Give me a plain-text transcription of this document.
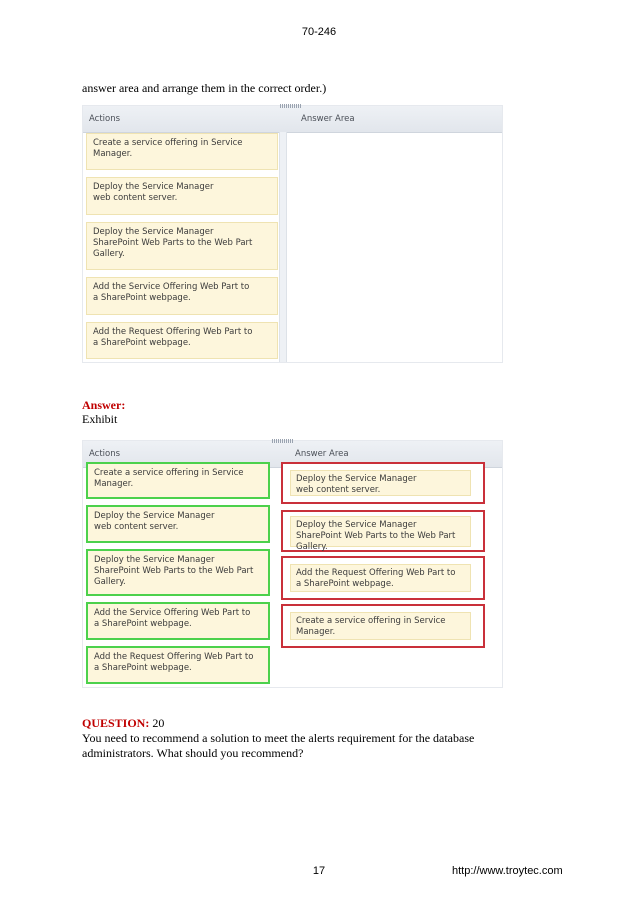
70-246
answer area and arrange them in the correct order.)
Actions	Answer Area
Create a service offering in Service
Manager.
Deploy the Service Manager
web content server.
Deploy the Service Manager
SharePoint Web Parts to the Web Part
Gallery.
Add the Service Offering Web Part to
a SharePoint webpage.
Add the Request Offering Web Part to
a SharePoint webpage.
Answer:
Exhibit
Actions	Answer Area
Create a service offering in Service
Manager.
Deploy the Service Manager
web content server.
Deploy the Service Manager
SharePoint Web Parts to the Web Part
Gallery.
Add the Service Offering Web Part to
a SharePoint webpage.
Add the Request Offering Web Part to
a SharePoint webpage.
Deploy the Service Manager
web content server.
Deploy the Service Manager
SharePoint Web Parts to the Web Part
Gallery.
Add the Request Offering Web Part to
a SharePoint webpage.
Create a service offering in Service
Manager.
QUESTION: 20
You need to recommend a solution to meet the alerts requirement for the database administrators. What should you recommend?
17	http://www.troytec.com
